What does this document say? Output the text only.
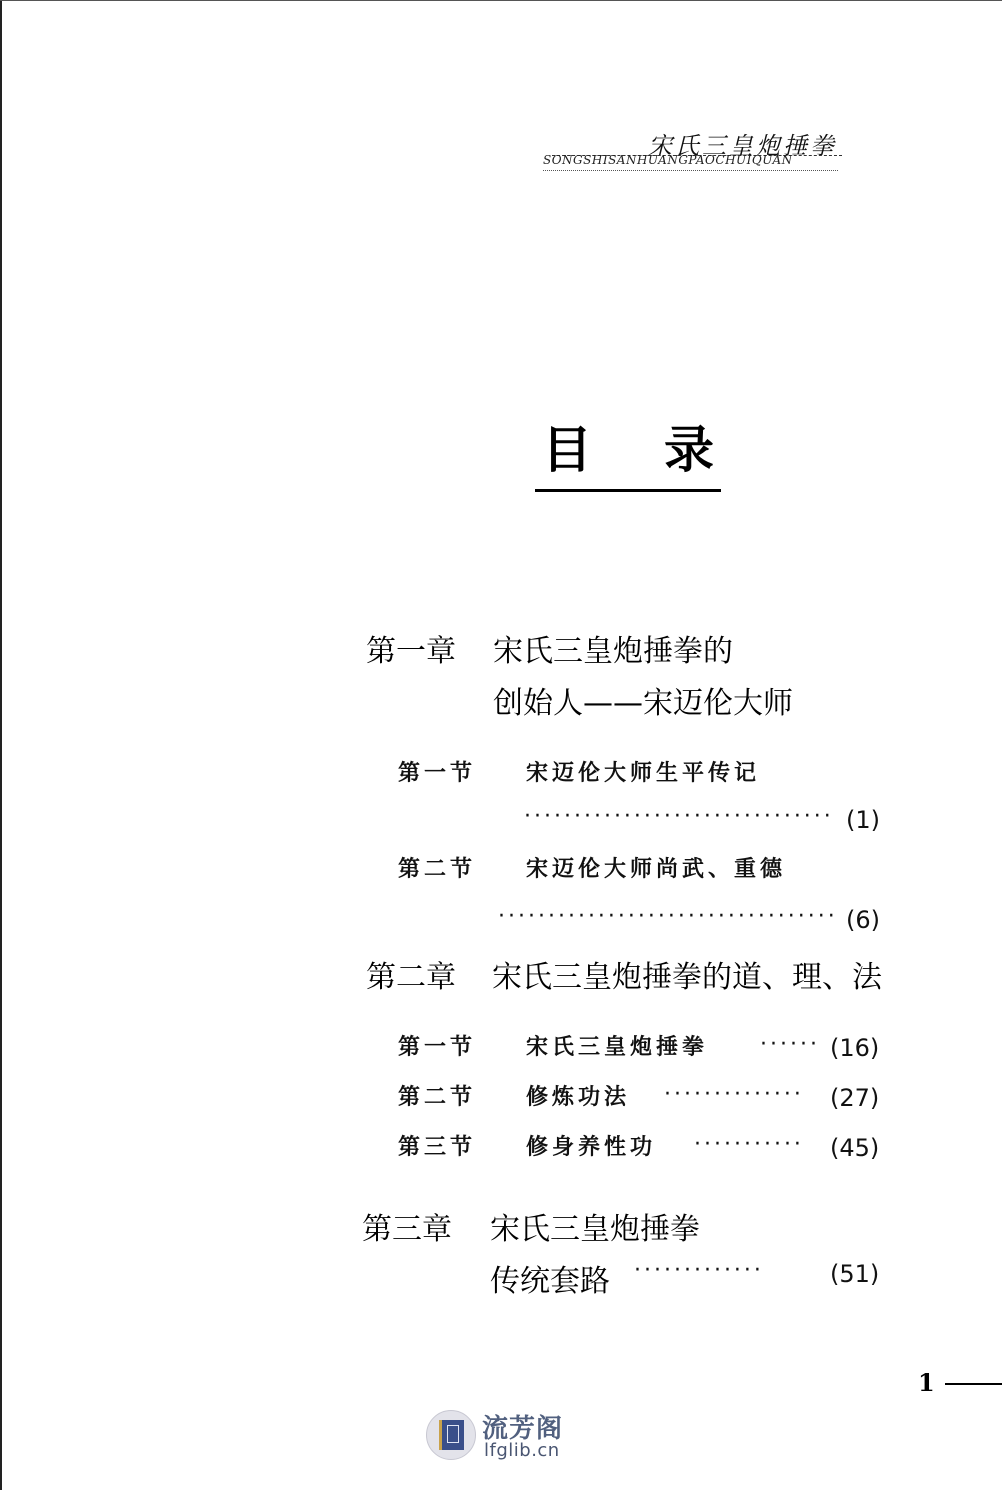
宋氏三皇炮捶拳
SONGSHISANHUANGPAOCHUIQUAN
目录
第一章 宋氏三皇炮捶拳的
创始人——宋迈伦大师
第一节 宋迈伦大师生平传记
······························· (1)
第二节 宋迈伦大师尚武、重德
·································· (6)
第二章 宋氏三皇炮捶拳的道、理、法
第一节 宋氏三皇炮捶拳 ······ (16)
第二节 修炼功法 ·············· (27)
第三节 修身养性功 ··········· (45)
第三章 宋氏三皇炮捶拳
传统套路 ·············	(51)
1
流芳阁
lfglib.cn
